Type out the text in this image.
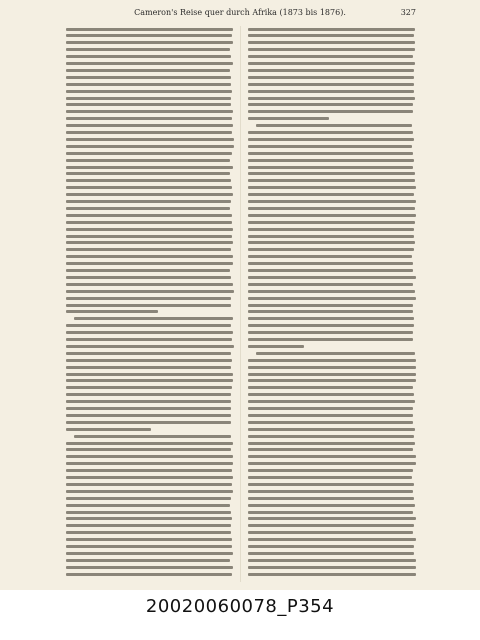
Cameron's Reise quer durch Afrika (1873 bis 1876).	327
20020060078_P354
